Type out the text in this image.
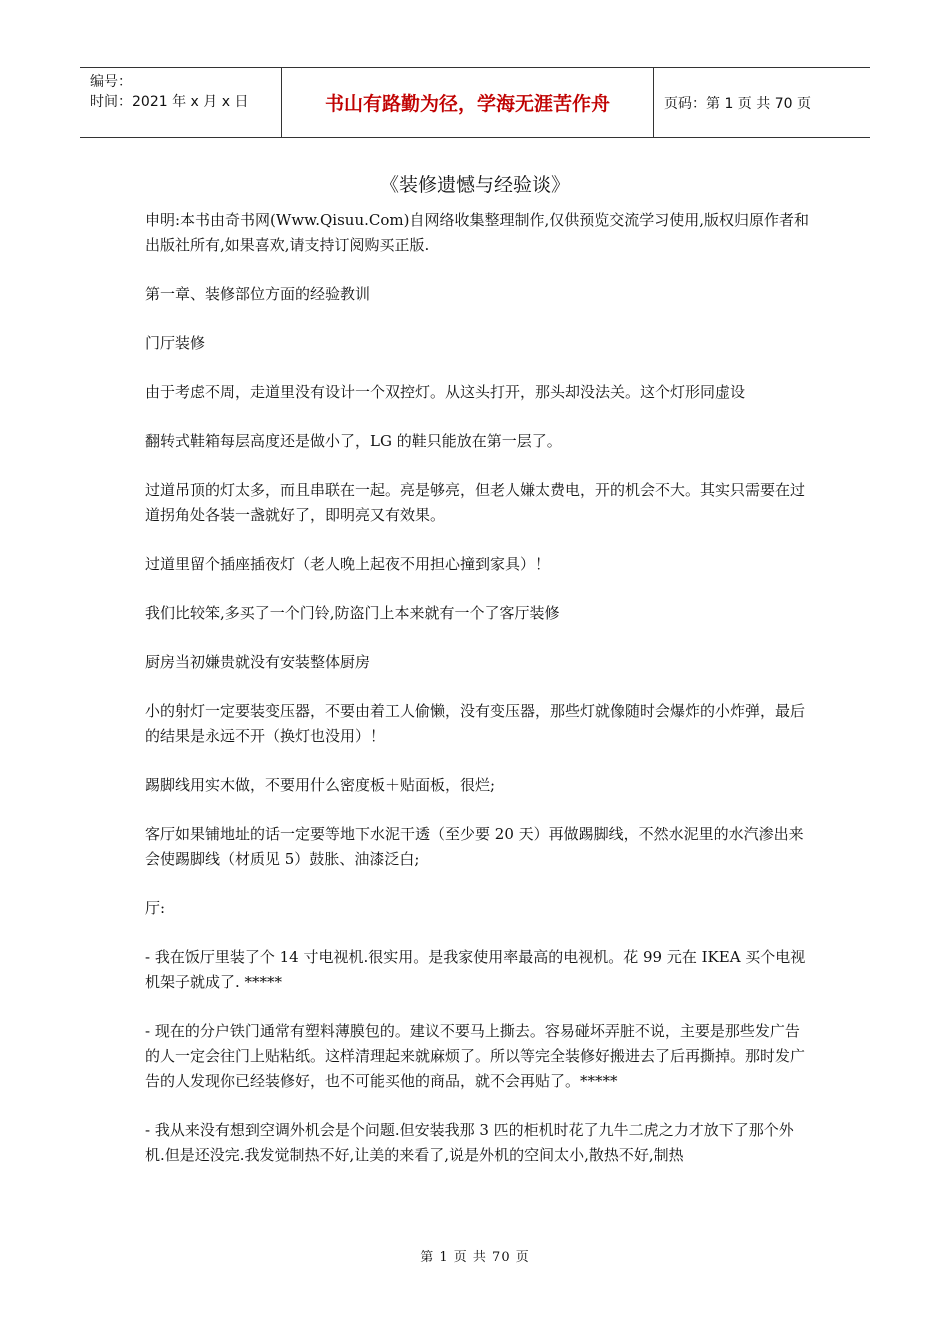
编号：
时间：2021 年 x 月 x 日	书山有路勤为径，学海无涯苦作舟	页码：第 1 页 共 70 页
《装修遗憾与经验谈》

申明:本书由奇书网(Www.Qisuu.Com)自网络收集整理制作,仅供预览交流学习使用,版权归原作者和出版社所有,如果喜欢,请支持订阅购买正版.

第一章、装修部位方面的经验教训

门厅装修

由于考虑不周，走道里没有设计一个双控灯。从这头打开，那头却没法关。这个灯形同虚设

翻转式鞋箱每层高度还是做小了，LG 的鞋只能放在第一层了。

过道吊顶的灯太多，而且串联在一起。亮是够亮，但老人嫌太费电，开的机会不大。其实只需要在过道拐角处各装一盏就好了，即明亮又有效果。

过道里留个插座插夜灯（老人晚上起夜不用担心撞到家具）！

我们比较笨,多买了一个门铃,防盗门上本来就有一个了客厅装修

厨房当初嫌贵就没有安装整体厨房

小的射灯一定要装变压器，不要由着工人偷懒，没有变压器，那些灯就像随时会爆炸的小炸弹，最后的结果是永远不开（换灯也没用）！

踢脚线用实木做，不要用什么密度板＋贴面板，很烂;

客厅如果铺地址的话一定要等地下水泥干透（至少要 20 天）再做踢脚线，不然水泥里的水汽渗出来会使踢脚线（材质见 5）鼓胀、油漆泛白;

厅:

- 我在饭厅里装了个 14 寸电视机.很实用。是我家使用率最高的电视机。花 99 元在 IKEA 买个电视机架子就成了. *****

- 现在的分户铁门通常有塑料薄膜包的。建议不要马上撕去。容易碰坏弄脏不说，主要是那些发广告的人一定会往门上贴粘纸。这样清理起来就麻烦了。所以等完全装修好搬进去了后再撕掉。那时发广告的人发现你已经装修好，也不可能买他的商品，就不会再贴了。*****

- 我从来没有想到空调外机会是个问题.但安装我那 3 匹的柜机时花了九牛二虎之力才放下了那个外机.但是还没完.我发觉制热不好,让美的来看了,说是外机的空间太小,散热不好,制热

第 1 页 共 70 页
